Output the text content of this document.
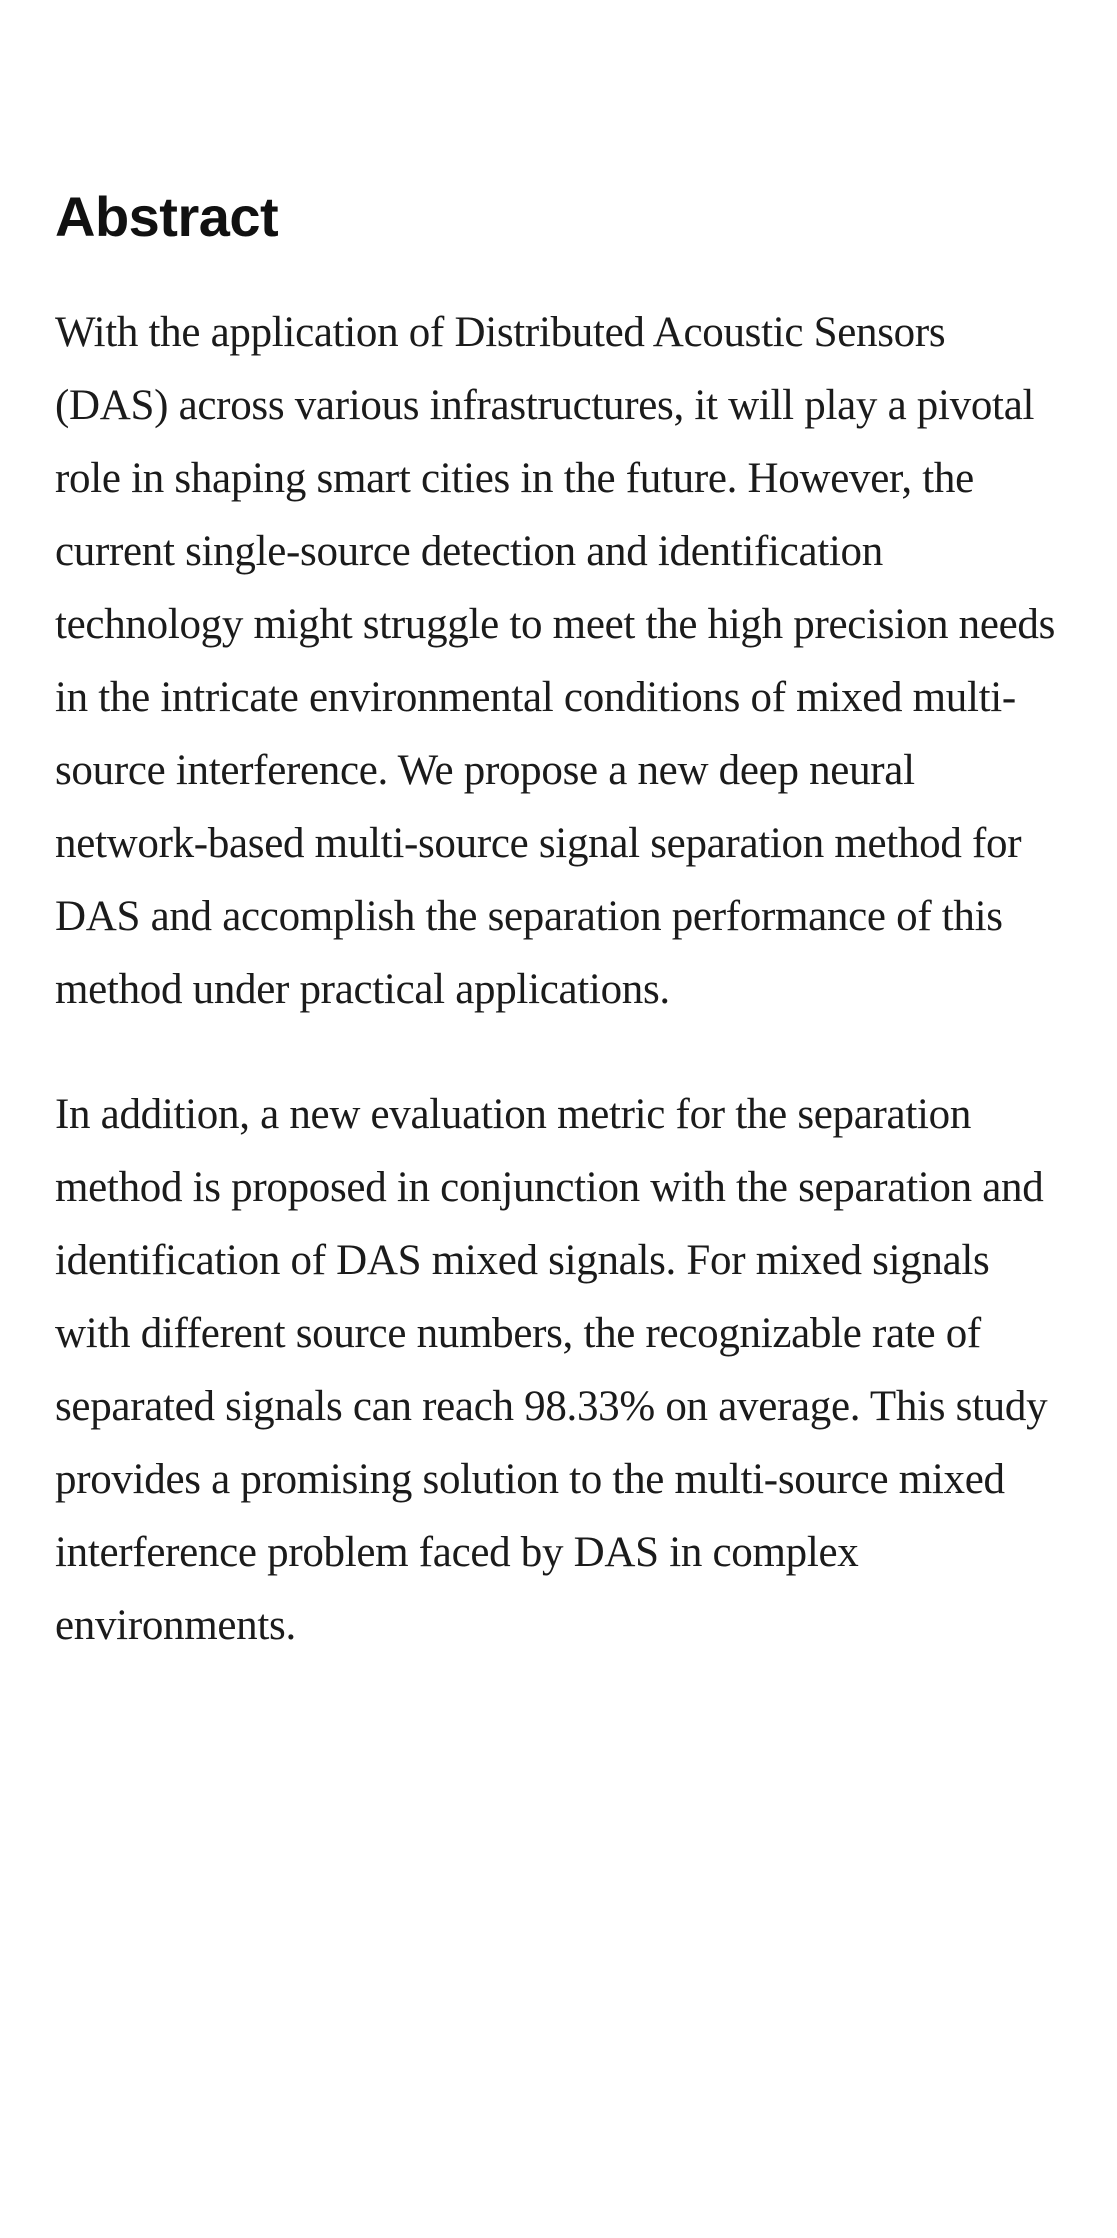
Abstract

With the application of Distributed Acoustic Sensors (DAS) across various infrastructures, it will play a pivotal role in shaping smart cities in the future. However, the current single-source detection and identification technology might struggle to meet the high precision needs in the intricate environmental conditions of mixed multi-source interference. We propose a new deep neural network-based multi-source signal separation method for DAS and accomplish the separation performance of this method under practical applications.

In addition, a new evaluation metric for the separation method is proposed in conjunction with the separation and identification of DAS mixed signals. For mixed signals with different source numbers, the recognizable rate of separated signals can reach 98.33% on average. This study provides a promising solution to the multi-source mixed interference problem faced by DAS in complex environments.
